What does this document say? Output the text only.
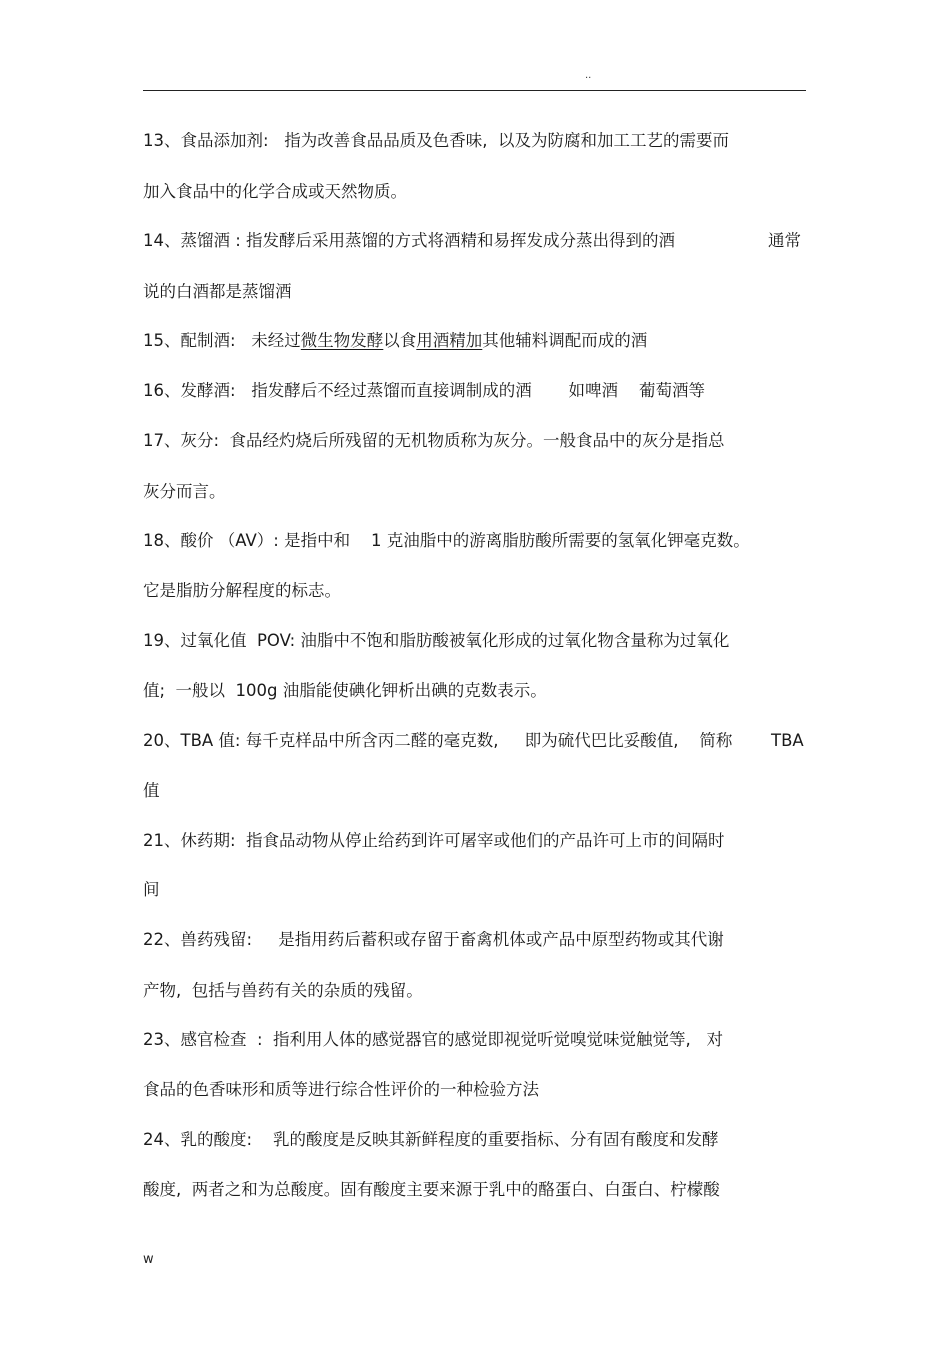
..
13、食品添加剂:   指为改善食品品质及色香味,  以及为防腐和加工工艺的需要而
加入食品中的化学合成或天然物质。
14、蒸馏酒 : 指发酵后采用蒸馏的方式将酒精和易挥发成分蒸出得到的酒	通常
说的白酒都是蒸馏酒
15、配制酒:   未经过微生物发酵以食用酒精加其他辅料调配而成的酒
16、发酵酒:   指发酵后不经过蒸馏而直接调制成的酒       如啤酒    葡萄酒等
17、灰分:  食品经灼烧后所残留的无机物质称为灰分。一般食品中的灰分是指总
灰分而言。
18、酸价 （AV）: 是指中和    1 克油脂中的游离脂肪酸所需要的氢氧化钾毫克数。
它是脂肪分解程度的标志。
19、过氧化值  POV: 油脂中不饱和脂肪酸被氧化形成的过氧化物含量称为过氧化
值;  一般以  100g 油脂能使碘化钾析出碘的克数表示。
20、TBA 值: 每千克样品中所含丙二醛的毫克数,     即为硫代巴比妥酸值,    简称 TBA
值
21、休药期:  指食品动物从停止给药到许可屠宰或他们的产品许可上市的间隔时
间
22、兽药残留:     是指用药后蓄积或存留于畜禽机体或产品中原型药物或其代谢
产物,  包括与兽药有关的杂质的残留。
23、感官检查  :  指利用人体的感觉器官的感觉即视觉听觉嗅觉味觉触觉等,   对
食品的色香味形和质等进行综合性评价的一种检验方法
24、乳的酸度:    乳的酸度是反映其新鲜程度的重要指标、分有固有酸度和发酵
酸度,  两者之和为总酸度。固有酸度主要来源于乳中的酪蛋白、白蛋白、柠檬酸
w
